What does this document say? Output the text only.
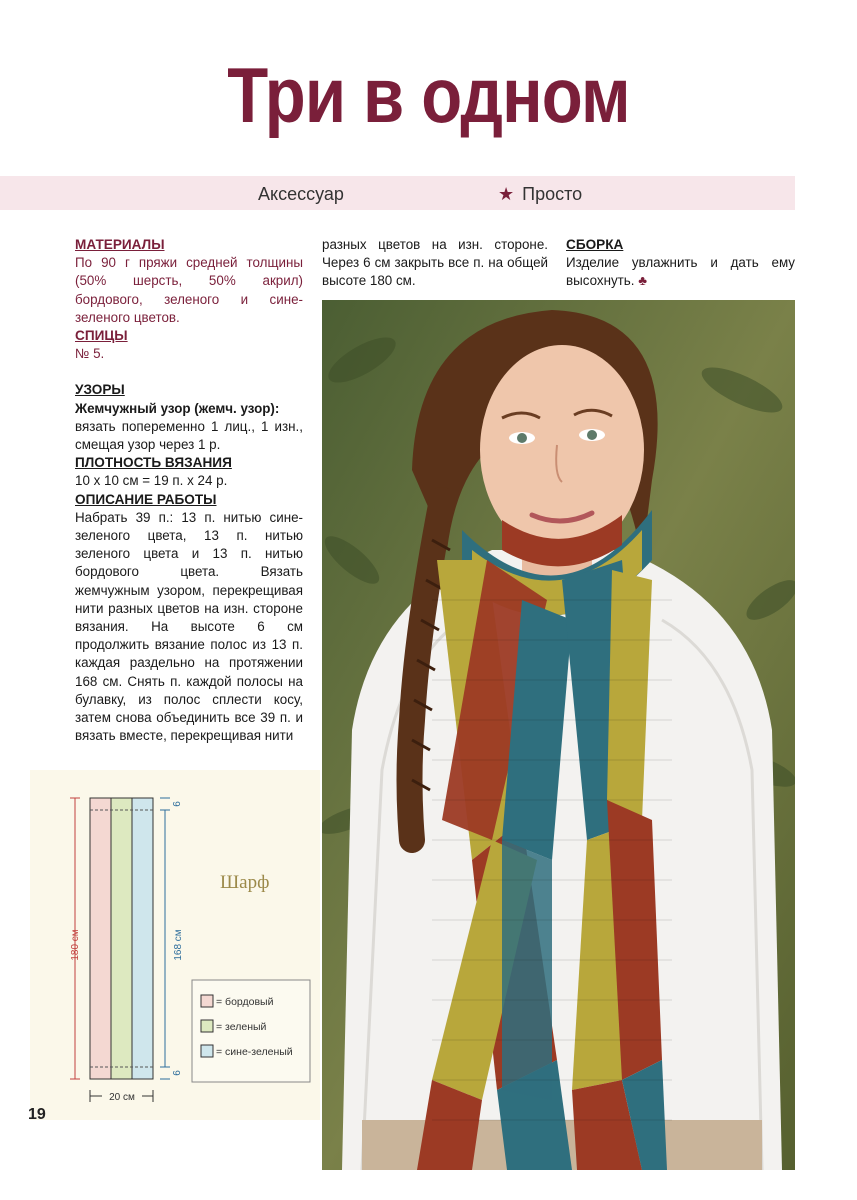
Три в одном
Аксессуар	★ Просто

МАТЕРИАЛЫ

По 90 г пряжи средней толщины (50% шерсть, 50% акрил) бордового, зеленого и сине-зеленого цветов.

СПИЦЫ

№ 5.

УЗОРЫ

Жемчужный узор (жемч. узор):

вязать попеременно 1 лиц., 1 изн., смещая узор через 1 р.

ПЛОТНОСТЬ ВЯЗАНИЯ

10 x 10 см = 19 п. x 24 р.

ОПИСАНИЕ РАБОТЫ

Набрать 39 п.: 13 п. нитью сине-зеленого цвета, 13 п. нитью зеленого цвета и 13 п. нитью бордового цвета. Вязать жемчужным узором, перекрещивая нити разных цветов на изн. стороне вязания. На высоте 6 см продолжить вязание полос из 13 п. каждая раздельно на протяжении 168 см. Снять п. каждой полосы на булавку, из полос сплести косу, затем снова объединить все 39 п. и вязать вместе, перекрещивая нити

разных цветов на изн. стороне. Через 6 см закрыть все п. на общей высоте 180 см.

СБОРКА

Изделие увлажнить и дать ему высохнуть. ♣

180 см	168 см
6
6
20 см
Шарф
= бордовый
= зеленый
= сине-зеленый
19
